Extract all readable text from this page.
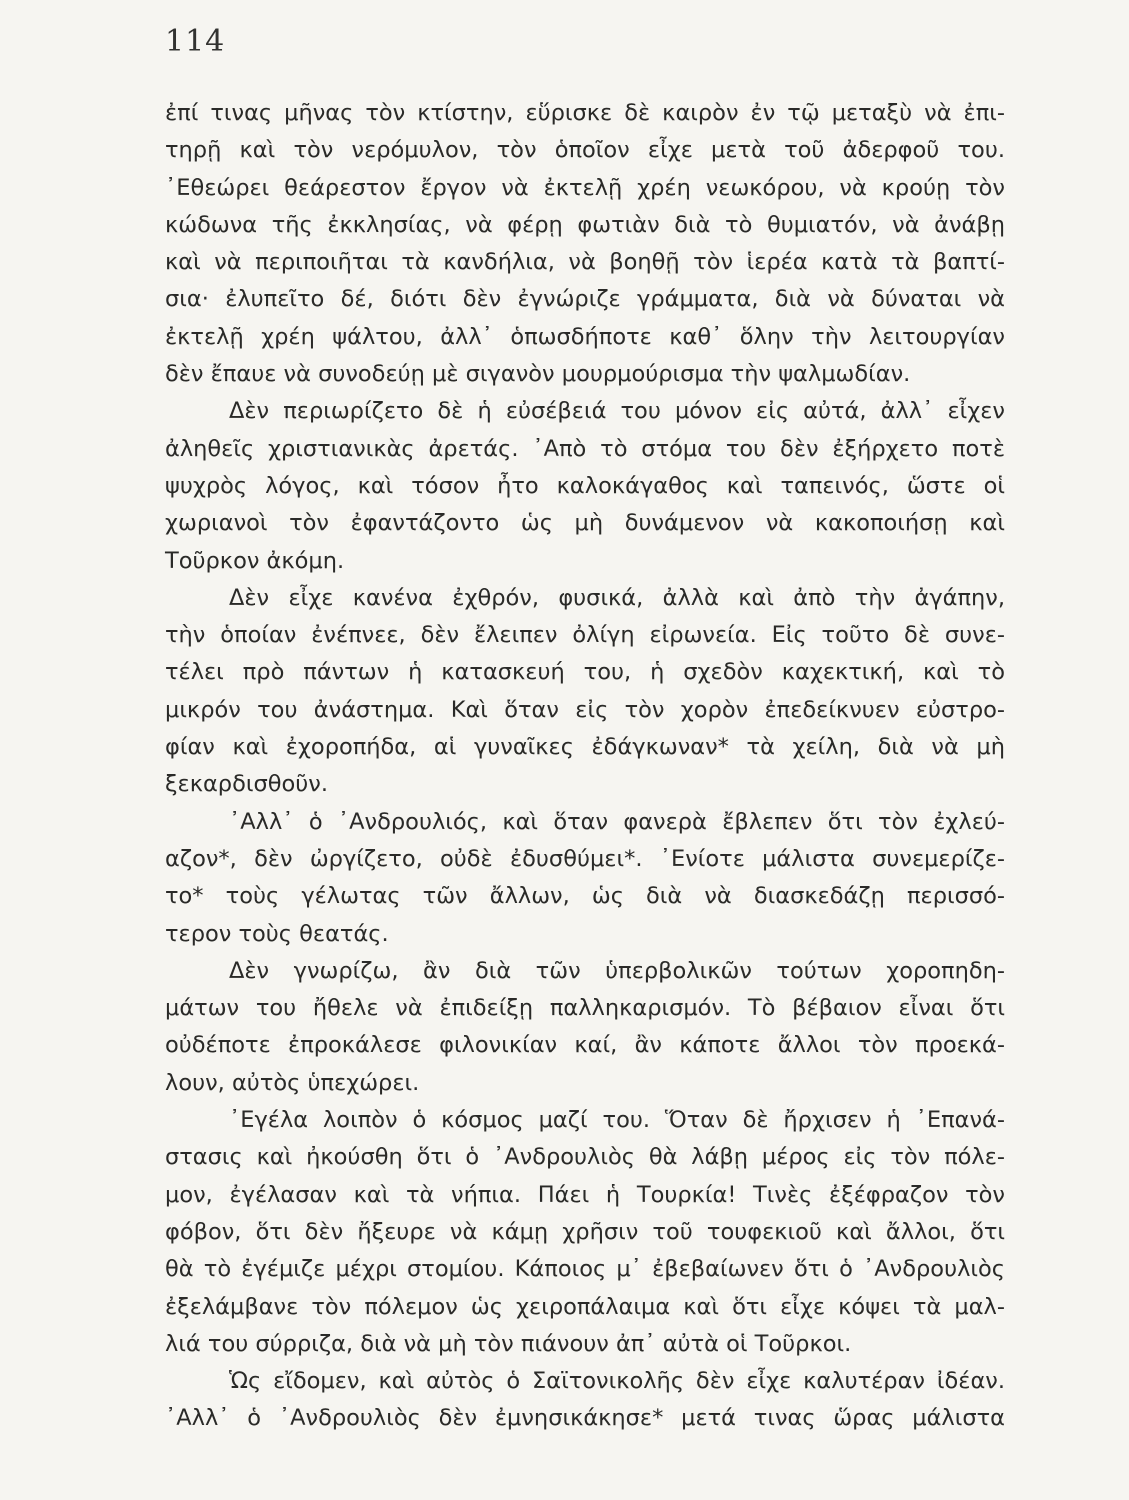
114
ἐπί τινας μῆνας τὸν κτίστην, εὕρισκε δὲ καιρὸν ἐν τῷ μεταξὺ νὰ ἐπι-
τηρῇ καὶ τὸν νερόμυλον, τὸν ὁποῖον εἶχε μετὰ τοῦ ἀδερφοῦ του.
᾿Εθεώρει θεάρεστον ἔργον νὰ ἐκτελῇ χρέη νεωκόρου, νὰ κρούῃ τὸν
κώδωνα τῆς ἐκκλησίας, νὰ φέρῃ φωτιὰν διὰ τὸ θυμιατόν, νὰ ἀνάβῃ
καὶ νὰ περιποιῆται τὰ κανδήλια, νὰ βοηθῇ τὸν ἱερέα κατὰ τὰ βαπτί-
σια· ἐλυπεῖτο δέ, διότι δὲν ἐγνώριζε γράμματα, διὰ νὰ δύναται νὰ
ἐκτελῇ χρέη ψάλτου, ἀλλ᾿ ὁπωσδήποτε καθ᾿ ὅλην τὴν λειτουργίαν
δὲν ἔπαυε νὰ συνοδεύῃ μὲ σιγανὸν μουρμούρισμα τὴν ψαλμωδίαν.
Δὲν περιωρίζετο δὲ ἡ εὐσέβειά του μόνον εἰς αὐτά, ἀλλ᾿ εἶχεν
ἀληθεῖς χριστιανικὰς ἀρετάς. ᾿Απὸ τὸ στόμα του δὲν ἐξήρχετο ποτὲ
ψυχρὸς λόγος, καὶ τόσον ἦτο καλοκάγαθος καὶ ταπεινός, ὥστε οἱ
χωριανοὶ τὸν ἐφαντάζοντο ὡς μὴ δυνάμενον νὰ κακοποιήσῃ καὶ
Τοῦρκον ἀκόμη.
Δὲν εἶχε κανένα ἐχθρόν, φυσικά, ἀλλὰ καὶ ἀπὸ τὴν ἀγάπην,
τὴν ὁποίαν ἐνέπνεε, δὲν ἔλειπεν ὀλίγη εἰρωνεία. Εἰς τοῦτο δὲ συνε-
τέλει πρὸ πάντων ἡ κατασκευή του, ἡ σχεδὸν καχεκτική, καὶ τὸ
μικρόν του ἀνάστημα. Καὶ ὅταν εἰς τὸν χορὸν ἐπεδείκνυεν εὐστρο-
φίαν καὶ ἐχοροπήδα, αἱ γυναῖκες ἐδάγκωναν* τὰ χείλη, διὰ νὰ μὴ
ξεκαρδισθοῦν.
᾿Αλλ᾿ ὁ ᾿Ανδρουλιός, καὶ ὅταν φανερὰ ἔβλεπεν ὅτι τὸν ἐχλεύ-
αζον*, δὲν ὠργίζετο, οὐδὲ ἐδυσθύμει*. ᾿Ενίοτε μάλιστα συνεμερίζε-
το* τοὺς γέλωτας τῶν ἄλλων, ὡς διὰ νὰ διασκεδάζῃ περισσό-
τερον τοὺς θεατάς.
Δὲν γνωρίζω, ἂν διὰ τῶν ὑπερβολικῶν τούτων χοροπηδη-
μάτων του ἤθελε νὰ ἐπιδείξῃ παλληκαρισμόν. Τὸ βέβαιον εἶναι ὅτι
οὐδέποτε ἐπροκάλεσε φιλονικίαν καί, ἂν κάποτε ἄλλοι τὸν προεκά-
λουν, αὐτὸς ὑπεχώρει.
᾿Εγέλα λοιπὸν ὁ κόσμος μαζί του. Ὅταν δὲ ἤρχισεν ἡ ᾿Επανά-
στασις καὶ ἠκούσθη ὅτι ὁ ᾿Ανδρουλιὸς θὰ λάβῃ μέρος εἰς τὸν πόλε-
μον, ἐγέλασαν καὶ τὰ νήπια. Πάει ἡ Τουρκία! Τινὲς ἐξέφραζον τὸν
φόβον, ὅτι δὲν ἤξευρε νὰ κάμῃ χρῆσιν τοῦ τουφεκιοῦ καὶ ἄλλοι, ὅτι
θὰ τὸ ἐγέμιζε μέχρι στομίου. Κάποιος μ᾿ ἐβεβαίωνεν ὅτι ὁ ᾿Ανδρουλιὸς
ἐξελάμβανε τὸν πόλεμον ὡς χειροπάλαιμα καὶ ὅτι εἶχε κόψει τὰ μαλ-
λιά του σύρριζα, διὰ νὰ μὴ τὸν πιάνουν ἀπ᾿ αὐτὰ οἱ Τοῦρκοι.
Ὡς εἴδομεν, καὶ αὐτὸς ὁ Σαϊτονικολῆς δὲν εἶχε καλυτέραν ἰδέαν.
᾿Αλλ᾿ ὁ ᾿Ανδρουλιὸς δὲν ἐμνησικάκησε* μετά τινας ὥρας μάλιστα
